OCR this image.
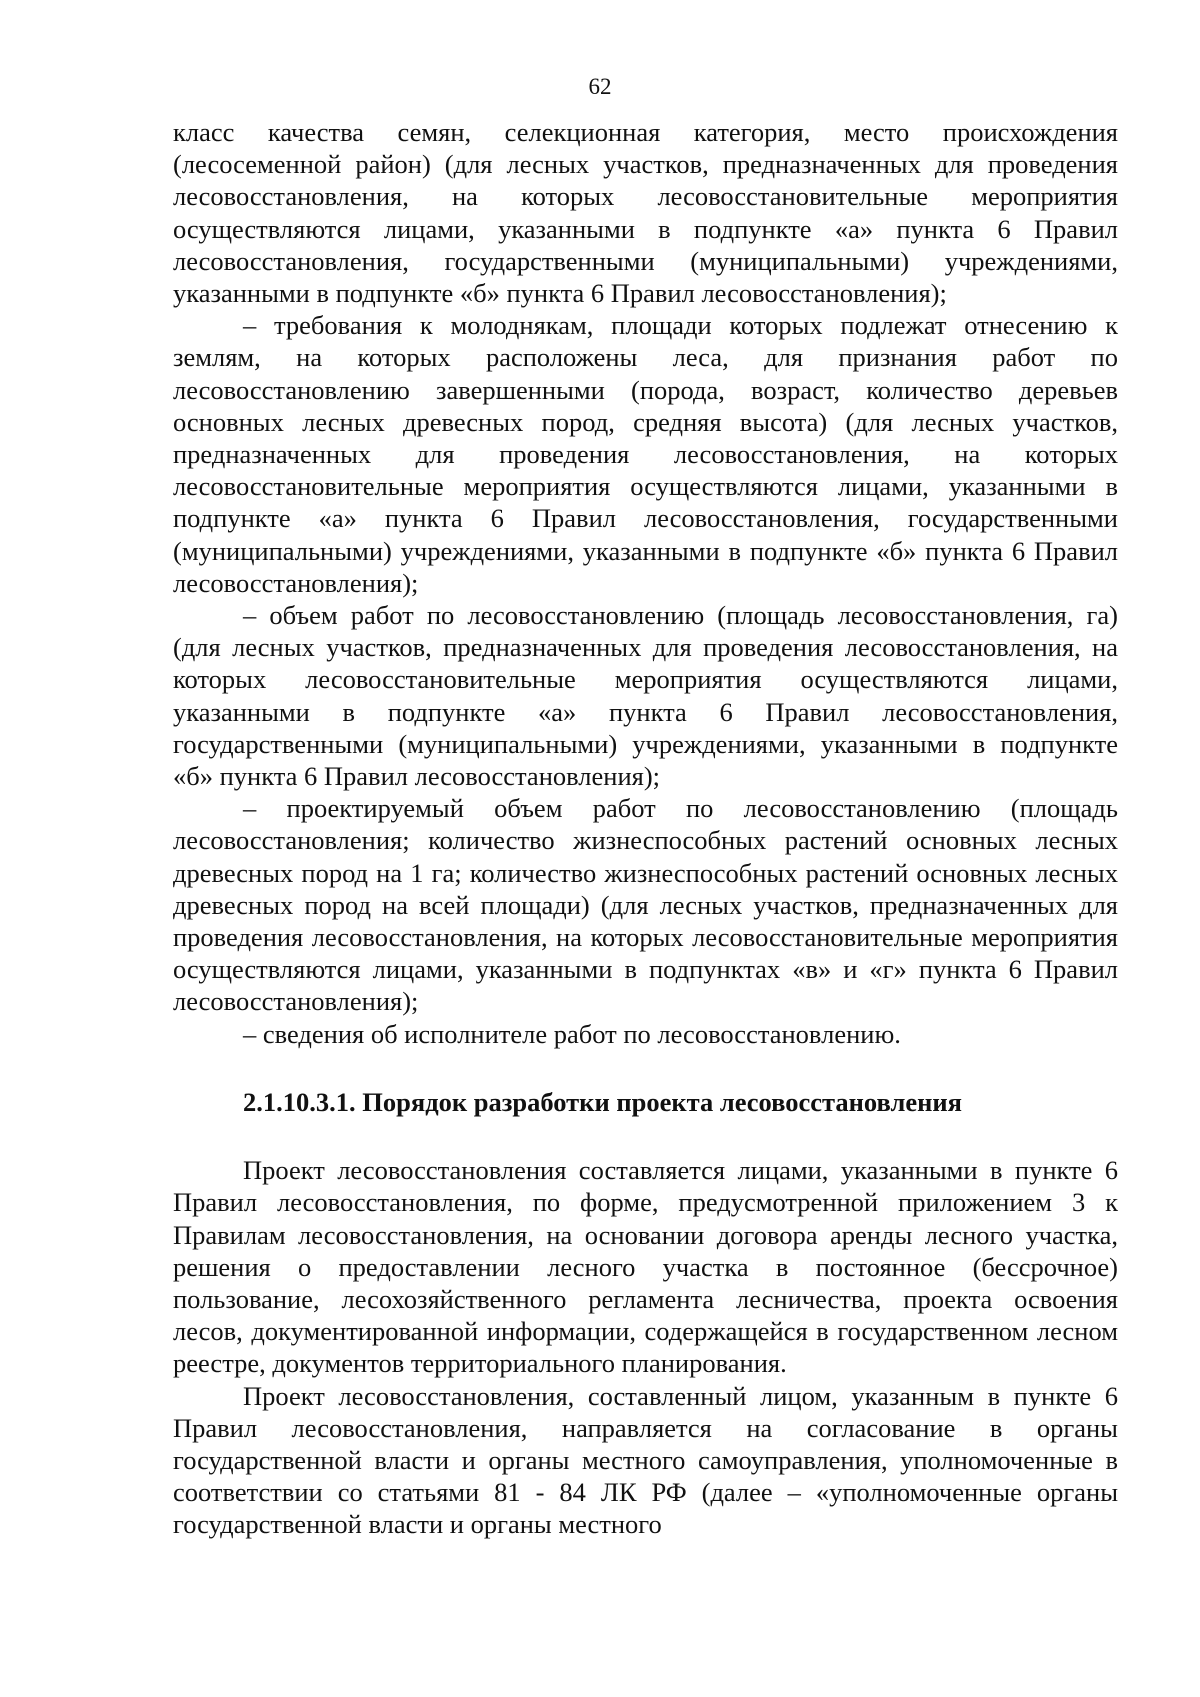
62

класс качества семян, селекционная категория, место происхождения (лесосеменной район) (для лесных участков, предназначенных для проведения лесовосстановления, на которых лесовосстановительные мероприятия осуществляются лицами, указанными в подпункте «а» пункта 6 Правил лесовосстановления, государственными (муниципальными) учреждениями, указанными в подпункте «б» пункта 6 Правил лесовосстановления);

– требования к молоднякам, площади которых подлежат отнесению к землям, на которых расположены леса, для признания работ по лесовосстановлению завершенными (порода, возраст, количество деревьев основных лесных древесных пород, средняя высота) (для лесных участков, предназначенных для проведения лесовосстановления, на которых лесовосстановительные мероприятия осуществляются лицами, указанными в подпункте «а» пункта 6 Правил лесовосстановления, государственными (муниципальными) учреждениями, указанными в подпункте «б» пункта 6 Правил лесовосстановления);

– объем работ по лесовосстановлению (площадь лесовосстановления, га) (для лесных участков, предназначенных для проведения лесовосстановления, на которых лесовосстановительные мероприятия осуществляются лицами, указанными в подпункте «а» пункта 6 Правил лесовосстановления, государственными (муниципальными) учреждениями, указанными в подпункте «б» пункта 6 Правил лесовосстановления);

– проектируемый объем работ по лесовосстановлению (площадь лесовосстановления; количество жизнеспособных растений основных лесных древесных пород на 1 га; количество жизнеспособных растений основных лесных древесных пород на всей площади) (для лесных участков, предназначенных для проведения лесовосстановления, на которых лесовосстановительные мероприятия осуществляются лицами, указанными в подпунктах «в» и «г» пункта 6 Правил лесовосстановления);

– сведения об исполнителе работ по лесовосстановлению.

2.1.10.3.1. Порядок разработки проекта лесовосстановления

Проект лесовосстановления составляется лицами, указанными в пункте 6 Правил лесовосстановления, по форме, предусмотренной приложением 3 к Правилам лесовосстановления, на основании договора аренды лесного участка, решения о предоставлении лесного участка в постоянное (бессрочное) пользование, лесохозяйственного регламента лесничества, проекта освоения лесов, документированной информации, содержащейся в государственном лесном реестре, документов территориального планирования.

Проект лесовосстановления, составленный лицом, указанным в пункте 6 Правил лесовосстановления, направляется на согласование в органы государственной власти и органы местного самоуправления, уполномоченные в соответствии со статьями 81 - 84 ЛК РФ (далее – «уполномоченные органы государственной власти и органы местного
